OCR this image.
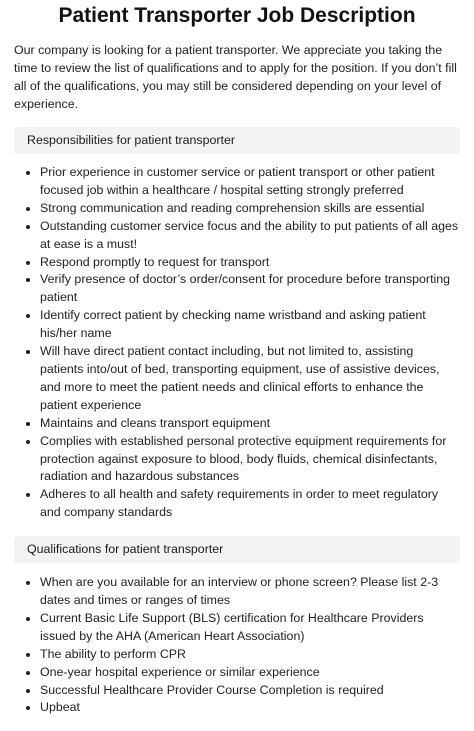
Patient Transporter Job Description

Our company is looking for a patient transporter. We appreciate you taking the time to review the list of qualifications and to apply for the position. If you don’t fill all of the qualifications, you may still be considered depending on your level of experience.

Responsibilities for patient transporter
• Prior experience in customer service or patient transport or other patient focused job within a healthcare / hospital setting strongly preferred
• Strong communication and reading comprehension skills are essential
• Outstanding customer service focus and the ability to put patients of all ages at ease is a must!
• Respond promptly to request for transport
• Verify presence of doctor’s order/consent for procedure before transporting patient
• Identify correct patient by checking name wristband and asking patient his/her name
• Will have direct patient contact including, but not limited to, assisting patients into/out of bed, transporting equipment, use of assistive devices, and more to meet the patient needs and clinical efforts to enhance the patient experience
• Maintains and cleans transport equipment
• Complies with established personal protective equipment requirements for protection against exposure to blood, body fluids, chemical disinfectants, radiation and hazardous substances
• Adheres to all health and safety requirements in order to meet regulatory and company standards
Qualifications for patient transporter
• When are you available for an interview or phone screen? Please list 2-3 dates and times or ranges of times
• Current Basic Life Support (BLS) certification for Healthcare Providers issued by the AHA (American Heart Association)
• The ability to perform CPR
• One-year hospital experience or similar experience
• Successful Healthcare Provider Course Completion is required
• Upbeat
